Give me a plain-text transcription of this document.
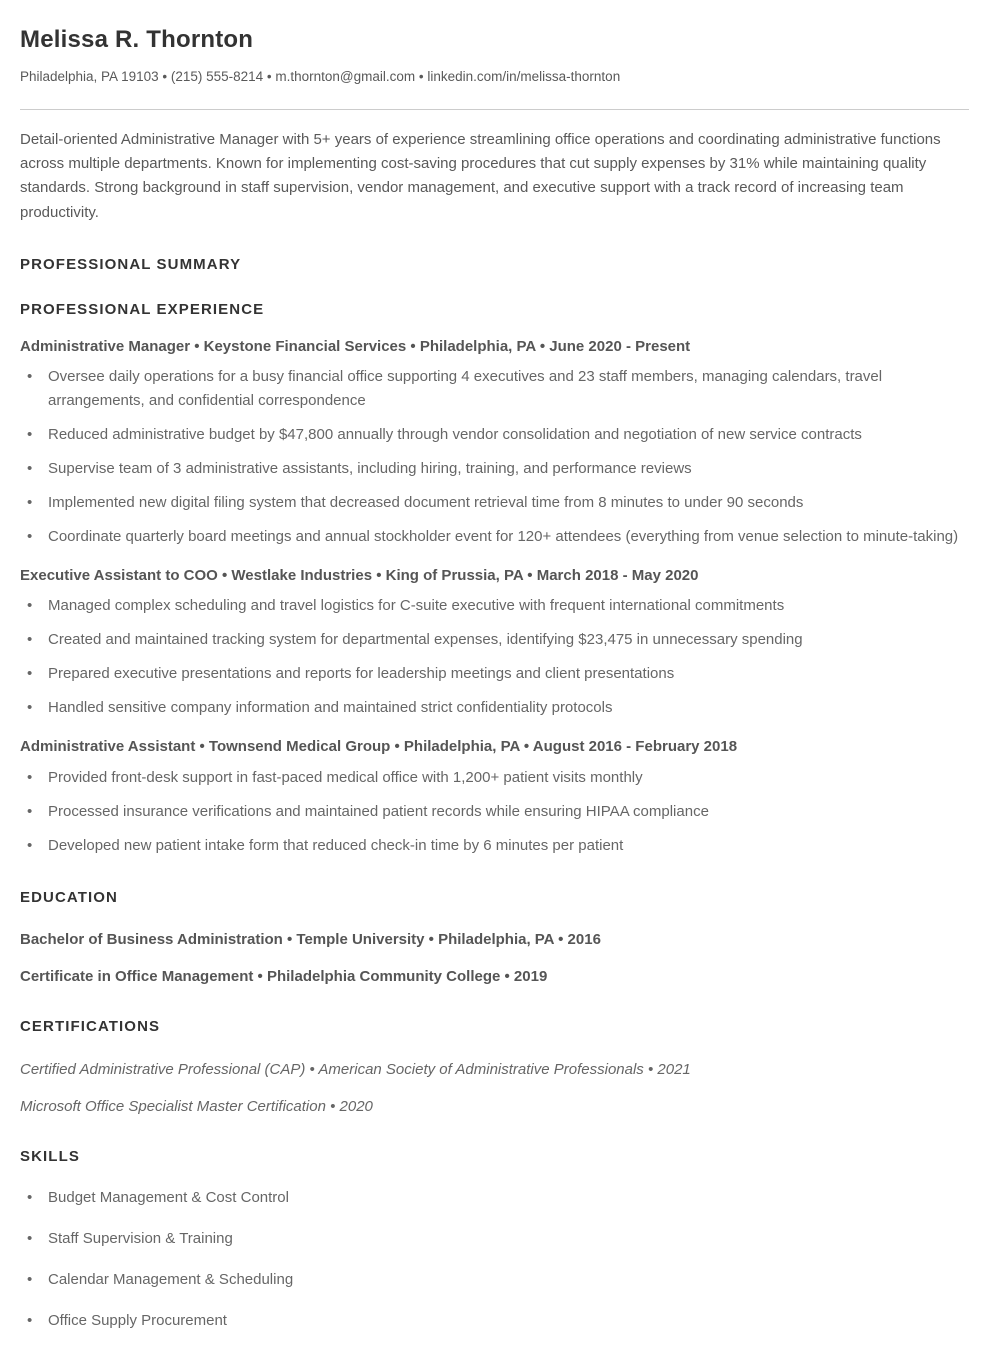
Melissa R. Thornton
Philadelphia, PA 19103 • (215) 555-8214 • m.thornton@gmail.com • linkedin.com/in/melissa-thornton

Detail-oriented Administrative Manager with 5+ years of experience streamlining office operations and coordinating administrative functions across multiple departments. Known for implementing cost-saving procedures that cut supply expenses by 31% while maintaining quality standards. Strong background in staff supervision, vendor management, and executive support with a track record of increasing team productivity.

PROFESSIONAL SUMMARY
PROFESSIONAL EXPERIENCE
Administrative Manager • Keystone Financial Services • Philadelphia, PA • June 2020 - Present
• Oversee daily operations for a busy financial office supporting 4 executives and 23 staff members, managing calendars, travel arrangements, and confidential correspondence
• Reduced administrative budget by $47,800 annually through vendor consolidation and negotiation of new service contracts
• Supervise team of 3 administrative assistants, including hiring, training, and performance reviews
• Implemented new digital filing system that decreased document retrieval time from 8 minutes to under 90 seconds
• Coordinate quarterly board meetings and annual stockholder event for 120+ attendees (everything from venue selection to minute-taking)
Executive Assistant to COO • Westlake Industries • King of Prussia, PA • March 2018 - May 2020
• Managed complex scheduling and travel logistics for C-suite executive with frequent international commitments
• Created and maintained tracking system for departmental expenses, identifying $23,475 in unnecessary spending
• Prepared executive presentations and reports for leadership meetings and client presentations
• Handled sensitive company information and maintained strict confidentiality protocols
Administrative Assistant • Townsend Medical Group • Philadelphia, PA • August 2016 - February 2018
• Provided front-desk support in fast-paced medical office with 1,200+ patient visits monthly
• Processed insurance verifications and maintained patient records while ensuring HIPAA compliance
• Developed new patient intake form that reduced check-in time by 6 minutes per patient
EDUCATION
Bachelor of Business Administration • Temple University • Philadelphia, PA • 2016
Certificate in Office Management • Philadelphia Community College • 2019
CERTIFICATIONS
Certified Administrative Professional (CAP) • American Society of Administrative Professionals • 2021
Microsoft Office Specialist Master Certification • 2020
SKILLS
• Budget Management & Cost Control
• Staff Supervision & Training
• Calendar Management & Scheduling
• Office Supply Procurement
